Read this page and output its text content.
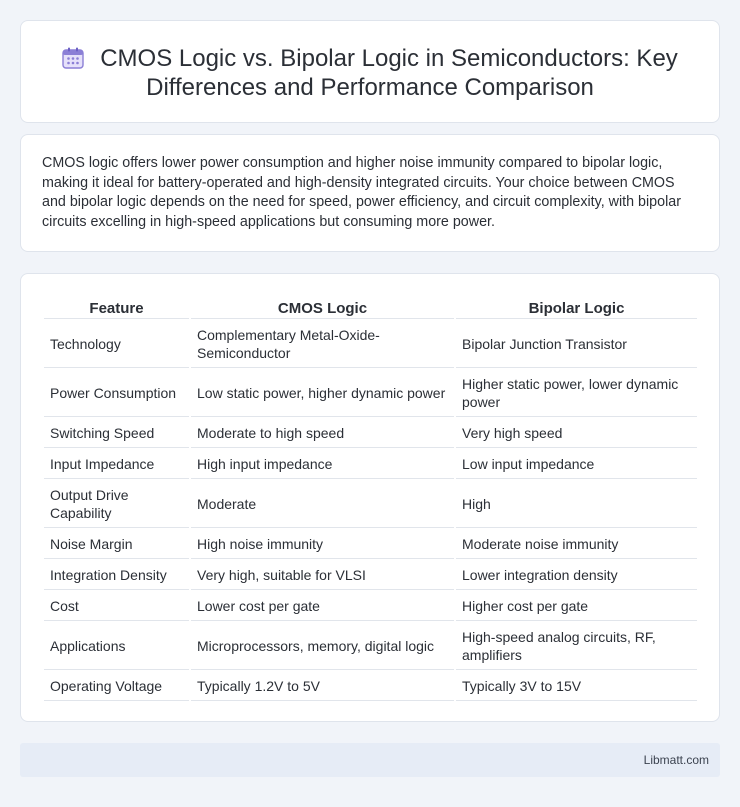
CMOS Logic vs. Bipolar Logic in Semiconductors: Key Differences and Performance Comparison

CMOS logic offers lower power consumption and higher noise immunity compared to bipolar logic, making it ideal for battery-operated and high-density integrated circuits. Your choice between CMOS and bipolar logic depends on the need for speed, power efficiency, and circuit complexity, with bipolar circuits excelling in high-speed applications but consuming more power.

Feature	CMOS Logic	Bipolar Logic
Technology	Complementary Metal-Oxide-Semiconductor	Bipolar Junction Transistor
Power Consumption	Low static power, higher dynamic power	Higher static power, lower dynamic power
Switching Speed	Moderate to high speed	Very high speed
Input Impedance	High input impedance	Low input impedance
Output Drive Capability	Moderate	High
Noise Margin	High noise immunity	Moderate noise immunity
Integration Density	Very high, suitable for VLSI	Lower integration density
Cost	Lower cost per gate	Higher cost per gate
Applications	Microprocessors, memory, digital logic	High-speed analog circuits, RF, amplifiers
Operating Voltage	Typically 1.2V to 5V	Typically 3V to 15V
Libmatt.com
